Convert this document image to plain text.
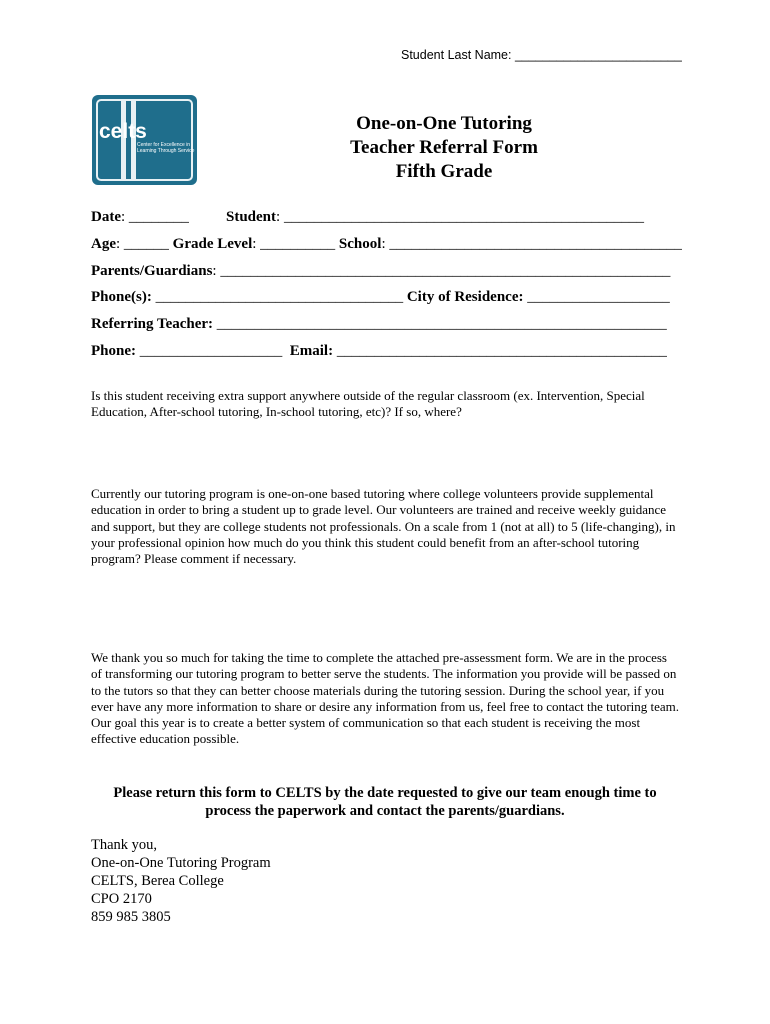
Student Last Name: ________________________
celts
Center for Excellence in
Learning Through Service
One-on-One Tutoring
Teacher Referral Form
Fifth Grade
Date: ________ Student: ________________________________________________
Age: ______ Grade Level: __________ School: _______________________________________
Parents/Guardians: ____________________________________________________________
Phone(s): _________________________________ City of Residence: ___________________
Referring Teacher: ____________________________________________________________
Phone: ___________________  Email: ____________________________________________
Is this student receiving extra support anywhere outside of the regular classroom (ex. Intervention, Special Education, After-school tutoring, In-school tutoring, etc)? If so, where?
Currently our tutoring program is one-on-one based tutoring where college volunteers provide supplemental education in order to bring a student up to grade level. Our volunteers are trained and receive weekly guidance and support, but they are college students not professionals. On a scale from 1 (not at all) to 5 (life-changing), in your professional opinion how much do you think this student could benefit from an after-school tutoring program? Please comment if necessary.
We thank you so much for taking the time to complete the attached pre-assessment form. We are in the process of transforming our tutoring program to better serve the students. The information you provide will be passed on to the tutors so that they can better choose materials during the tutoring session. During the school year, if you ever have any more information to share or desire any information from us, feel free to contact the tutoring team. Our goal this year is to create a better system of communication so that each student is receiving the most effective education possible.
Please return this form to CELTS by the date requested to give our team enough time to process the paperwork and contact the parents/guardians.
Thank you,
One-on-One Tutoring Program
CELTS, Berea College
CPO 2170
859 985 3805
